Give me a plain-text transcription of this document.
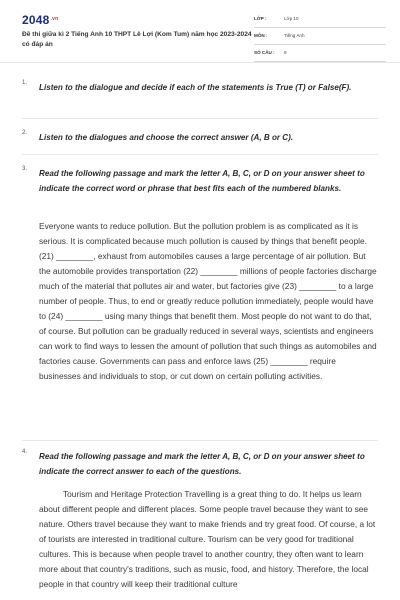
$2048^{.vn}$
Đề thi giữa kì 2 Tiếng Anh 10 THPT Lê Lợi (Kom Tum) năm học 2023-2024 có đáp án
LỚP :	Lớp 10
MÔN :	Tiếng Anh
SỐ CÂU : 6
1. Listen to the dialogue and decide if each of the statements is True (T) or False(F).
2. Listen to the dialogues and choose the correct answer (A, B or C).
3. Read the following passage and mark the letter A, B, C, or D on your answer sheet to indicate the correct word or phrase that best fits each of the numbered blanks.
Everyone wants to reduce pollution. But the pollution problem is as complicated as it is serious. It is complicated because much pollution is caused by things that benefit people. (21) ________, exhaust from automobiles causes a large percentage of air pollution. But the automobile provides transportation (22) ________ millions of people factories discharge much of the material that pollutes air and water, but factories give (23) ________ to a large number of people. Thus, to end or greatly reduce pollution immediately, people would have to (24) ________ using many things that benefit them. Most people do not want to do that, of course. But pollution can be gradually reduced in several ways, scientists and engineers can work to find ways to lessen the amount of pollution that such things as automobiles and factories cause. Governments can pass and enforce laws (25) ________ require businesses and individuals to stop, or cut down on certain polluting activities.
4. Read the following passage and mark the letter A, B, C, or D on your answer sheet to indicate the correct answer to each of the questions.
Tourism and Heritage Protection Travelling is a great thing to do. It helps us learn about different people and different places. Some people travel because they want to see nature. Others travel because they want to make friends and try great food. Of course, a lot of tourists are interested in traditional culture. Tourism can be very good for traditional cultures. This is because when people travel to another country, they often want to learn more about that country's traditions, such as music, food, and history. Therefore, the local people in that country will keep their traditional culture
